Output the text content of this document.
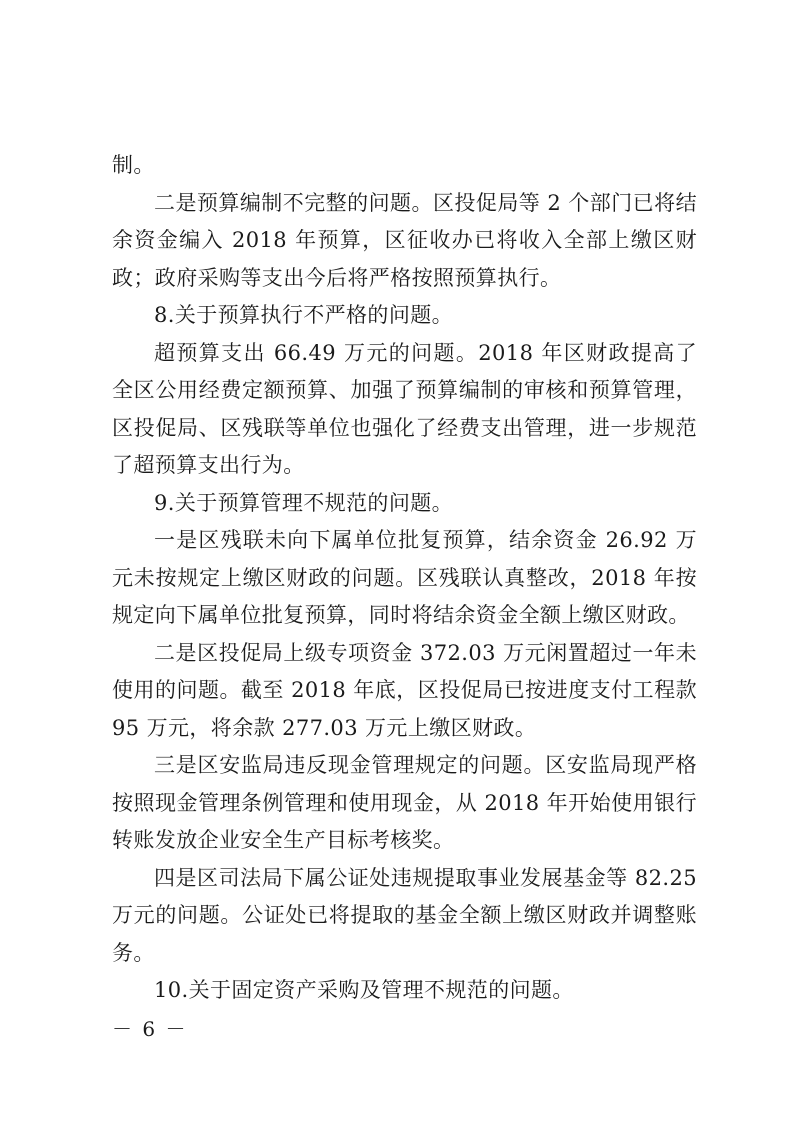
制。

二是预算编制不完整的问题。区投促局等 2 个部门已将结余资金编入 2018 年预算，区征收办已将收入全部上缴区财政；政府采购等支出今后将严格按照预算执行。

8.关于预算执行不严格的问题。

超预算支出 66.49 万元的问题。2018 年区财政提高了全区公用经费定额预算、加强了预算编制的审核和预算管理，区投促局、区残联等单位也强化了经费支出管理，进一步规范了超预算支出行为。

9.关于预算管理不规范的问题。

一是区残联未向下属单位批复预算，结余资金 26.92 万元未按规定上缴区财政的问题。区残联认真整改，2018 年按规定向下属单位批复预算，同时将结余资金全额上缴区财政。

二是区投促局上级专项资金 372.03 万元闲置超过一年未使用的问题。截至 2018 年底，区投促局已按进度支付工程款 95 万元，将余款 277.03 万元上缴区财政。

三是区安监局违反现金管理规定的问题。区安监局现严格按照现金管理条例管理和使用现金，从 2018 年开始使用银行转账发放企业安全生产目标考核奖。

四是区司法局下属公证处违规提取事业发展基金等 82.25 万元的问题。公证处已将提取的基金全额上缴区财政并调整账务。

10.关于固定资产采购及管理不规范的问题。

－ 6 －
